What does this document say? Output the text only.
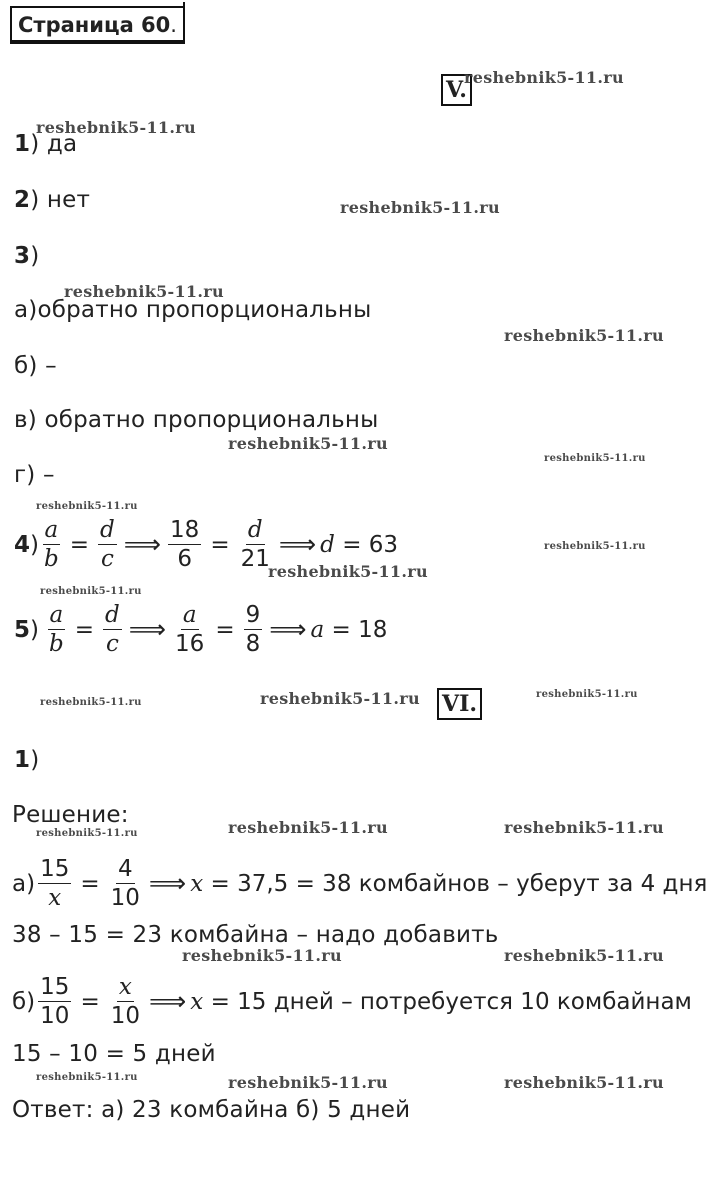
Страница 60.
V.
1) да
2) нет
3)
а)обратно пропорциональны
б) –
в) обратно пропорциональны
г) –
4 ) $\frac{a}{b} = \frac{d}{c}$ ⟹ $\frac{18}{6} = \frac{d}{21}$ ⟹ d
= 63
5 ) $\frac{a}{b} = \frac{d}{c}$ ⟹ $\frac{a}{16} = \frac{9}{8}$ ⟹ a
= 18
VI.
1)
Решение:
$а) \frac{15}{x} = \frac{4}{10}$ ⟹ x
= 37,5 = 38 комбайнов – уберут за 4 дня
38 – 15 = 23 комбайна – надо добавить
$б) \frac{15}{10} = \frac{x}{10}$ ⟹ x
= 15 дней – потребуется 10 комбайнам
15 – 10 = 5 дней
Ответ: а) 23 комбайна б) 5 дней
reshebnik5-11.ru
reshebnik5-11.ru
reshebnik5-11.ru
reshebnik5-11.ru
reshebnik5-11.ru
reshebnik5-11.ru
reshebnik5-11.ru
reshebnik5-11.ru
reshebnik5-11.ru
reshebnik5-11.ru
reshebnik5-11.ru
reshebnik5-11.ru	reshebnik5-11.ru	reshebnik5-11.ru
reshebnik5-11.ru	reshebnik5-11.ru	reshebnik5-11.ru
reshebnik5-11.ru	reshebnik5-11.ru
reshebnik5-11.ru	reshebnik5-11.ru	reshebnik5-11.ru
